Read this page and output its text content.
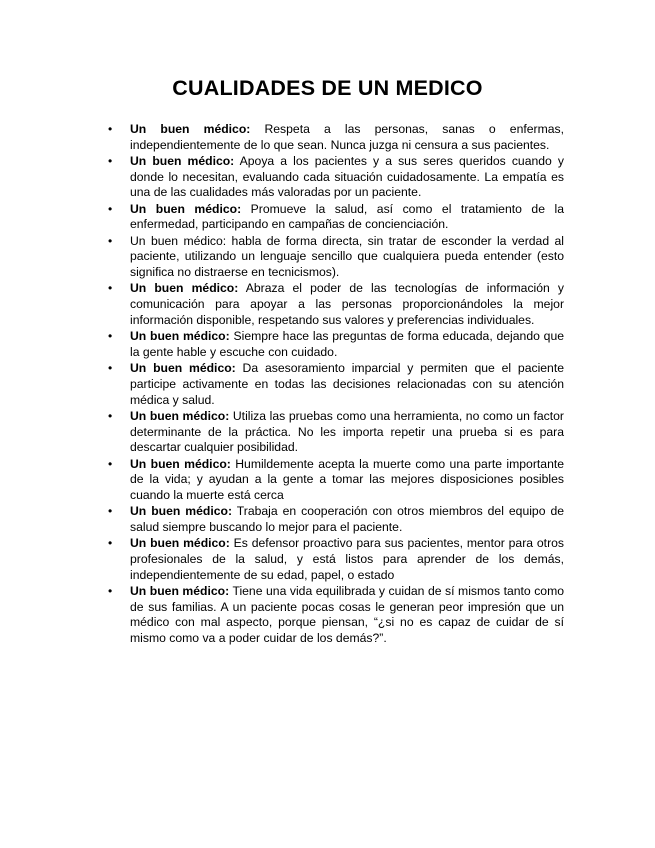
CUALIDADES DE UN MEDICO
• Un buen médico: Respeta a las personas, sanas o enfermas, independientemente de lo que sean. Nunca juzga ni censura a sus pacientes.
• Un buen médico: Apoya a los pacientes y a sus seres queridos cuando y donde lo necesitan, evaluando cada situación cuidadosamente. La empatía es una de las cualidades más valoradas por un paciente.
• Un buen médico: Promueve la salud, así como el tratamiento de la enfermedad, participando en campañas de concienciación.
• Un buen médico: habla de forma directa, sin tratar de esconder la verdad al paciente, utilizando un lenguaje sencillo que cualquiera pueda entender (esto significa no distraerse en tecnicismos).
• Un buen médico: Abraza el poder de las tecnologías de información y comunicación para apoyar a las personas proporcionándoles la mejor información disponible, respetando sus valores y preferencias individuales.
• Un buen médico: Siempre hace las preguntas de forma educada, dejando que la gente hable y escuche con cuidado.
• Un buen médico: Da asesoramiento imparcial y permiten que el paciente participe activamente en todas las decisiones relacionadas con su atención médica y salud.
• Un buen médico: Utiliza las pruebas como una herramienta, no como un factor determinante de la práctica. No les importa repetir una prueba si es para descartar cualquier posibilidad.
• Un buen médico: Humildemente acepta la muerte como una parte importante de la vida; y ayudan a la gente a tomar las mejores disposiciones posibles cuando la muerte está cerca
• Un buen médico: Trabaja en cooperación con otros miembros del equipo de salud siempre buscando lo mejor para el paciente.
• Un buen médico: Es defensor proactivo para sus pacientes, mentor para otros profesionales de la salud, y está listos para aprender de los demás, independientemente de su edad, papel, o estado
• Un buen médico: Tiene una vida equilibrada y cuidan de sí mismos tanto como de sus familias. A un paciente pocas cosas le generan peor impresión que un médico con mal aspecto, porque piensan, “¿si no es capaz de cuidar de sí mismo como va a poder cuidar de los demás?”.
